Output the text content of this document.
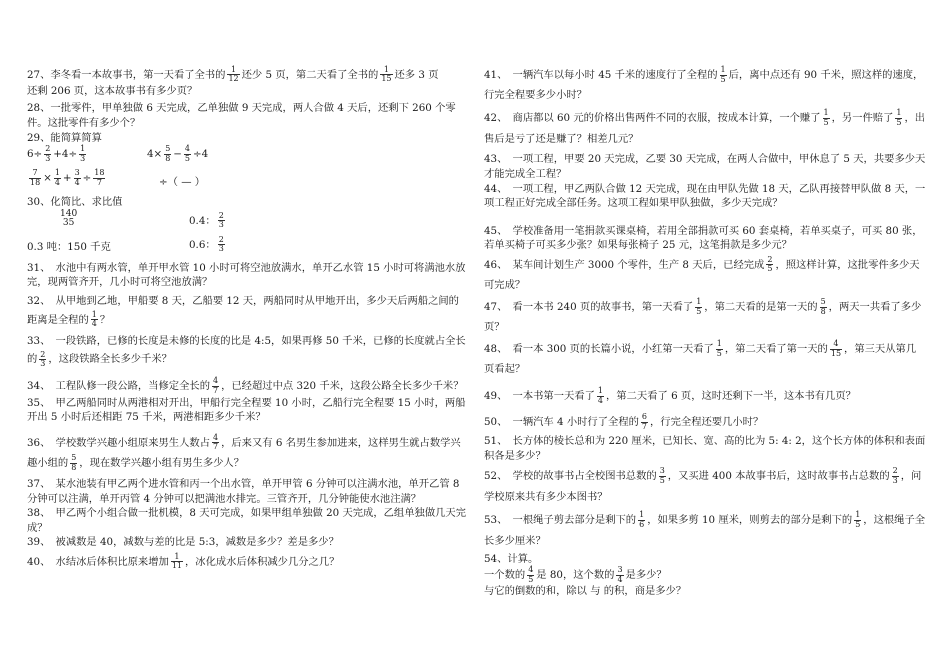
27、李冬看一本故事书，第一天看了全书的 $\frac{1}{12}$ 还少 5 页，第二天看了全书的 $\frac{1}{15}$ 还多 3 页
还剩 206 页，这本故事书有多少页？

28、一批零件，甲单独做 6 天完成，乙单独做 9 天完成，两人合做 4 天后，还剩下 260 个零件。这批零件有多少个？

29、能简算简算

$6\div \frac{2}{3} +4\div \frac{1}{3}$	$4\times \frac{5}{8} - \frac{4}{5} \div 4$
$\frac{7}{18} \times \frac{1}{4} + \frac{3}{4} \div \frac{18}{7}$	÷（ — ）

30、化简比、求比值

140
35	0.4： $\frac{2}{3}$
0.3 吨：150 千克	0.6： $\frac{2}{3}$

31、　水池中有两水管，单开甲水管 10 小时可将空池放满水，单开乙水管 15 小时可将满池水放完，现两管齐开，几小时可将空池放满？

32、　从甲地到乙地，甲船要 8 天，乙船要 12 天，两船同时从甲地开出，多少天后两船之间的距离是全程的 $\frac{1}{4}$ ？

33、　一段铁路，已修的长度是未修的长度的比是 4:5，如果再修 50 千米，已修的长度就占全长的 $\frac{2}{3}$ ，这段铁路全长多少千米？

34、　工程队修一段公路，当修定全长的 $\frac{4}{7}$ ，已经超过中点 320 千米，这段公路全长多少千米？

35、　甲乙两船同时从两港相对开出，甲船行完全程要 10 小时，乙船行完全程要 15 小时，两船开出 5 小时后还相距 75 千米，两港相距多少千米？

36、　学校数学兴趣小组原来男生人数占 $\frac{4}{7}$ ，后来又有 6 名男生参加进来，这样男生就占数学兴趣小组的 $\frac{5}{8}$ ，现在数学兴趣小组有男生多少人？

37、　某水池装有甲乙两个进水管和丙一个出水管，单开甲管 6 分钟可以注满水池，单开乙管 8 分钟可以注满，单开丙管 4 分钟可以把满池水排完。三管齐开，几分钟能使水池注满？

38、　甲乙两个小组合做一批机模，8 天可完成，如果甲组单独做 20 天完成，乙组单独做几天完成？

39、　被减数是 40，减数与差的比是 5:3，减数是多少？差是多少？

40、　水结冰后体积比原来增加 $\frac{1}{11}$ ，冰化成水后体积减少几分之几？

41、　一辆汽车以每小时 45 千米的速度行了全程的 $\frac{1}{5}$ 后，离中点还有 90 千米，照这样的速度，行完全程要多少小时？

42、　商店都以 60 元的价格出售两件不同的衣服，按成本计算，一个赚了 $\frac{1}{5}$ ，另一件赔了 $\frac{1}{5}$ ，出售后是亏了还是赚了？相差几元？

43、　一项工程，甲要 20 天完成，乙要 30 天完成，在两人合做中，甲休息了 5 天，共要多少天才能完成全工程？

44、　一项工程，甲乙两队合做 12 天完成，现在由甲队先做 18 天，乙队再接替甲队做 8 天，一项工程正好完成全部任务。这项工程如果甲队独做，多少天完成？

45、　学校准备用一笔捐款买课桌椅，若用全部捐款可买 60 套桌椅，若单买桌子，可买 80 张，若单买椅子可买多少张？如果每张椅子 25 元，这笔捐款是多少元？

46、　某车间计划生产 3000 个零件，生产 8 天后，已经完成 $\frac{2}{5}$ ，照这样计算，这批零件多少天可完成？

47、　看一本书 240 页的故事书，第一天看了 $\frac{1}{5}$ ，第二天看的是第一天的 $\frac{5}{8}$ ，两天一共看了多少页？

48、　看一本 300 页的长篇小说，小红第一天看了 $\frac{1}{5}$ ，第二天看了第一天的 $\frac{4}{15}$ ，第三天从第几页看起？

49、　一本书第一天看了 $\frac{1}{4}$ ，第二天看了 6 页，这时还剩下一半，这本书有几页？

50、　一辆汽车 4 小时行了全程的 $\frac{6}{7}$ ，行完全程还要几小时？

51、　长方体的棱长总和为 220 厘米，已知长、宽、高的比为 5: 4: 2，这个长方体的体积和表面积各是多少？

52、　学校的故事书占全校图书总数的 $\frac{3}{5}$ ，又买进 400 本故事书后，这时故事书占总数的 $\frac{2}{3}$ ，问学校原来共有多少本图书？

53、　一根绳子剪去部分是剩下的 $\frac{1}{6}$ ，如果多剪 10 厘米，则剪去的部分是剩下的 $\frac{1}{5}$ ，这根绳子全长多少厘米？

54、计算。

一个数的 $\frac{4}{5}$ 是 80，这个数的 $\frac{3}{4}$ 是多少？

与它的倒数的和，除以 与 的积，商是多少？
